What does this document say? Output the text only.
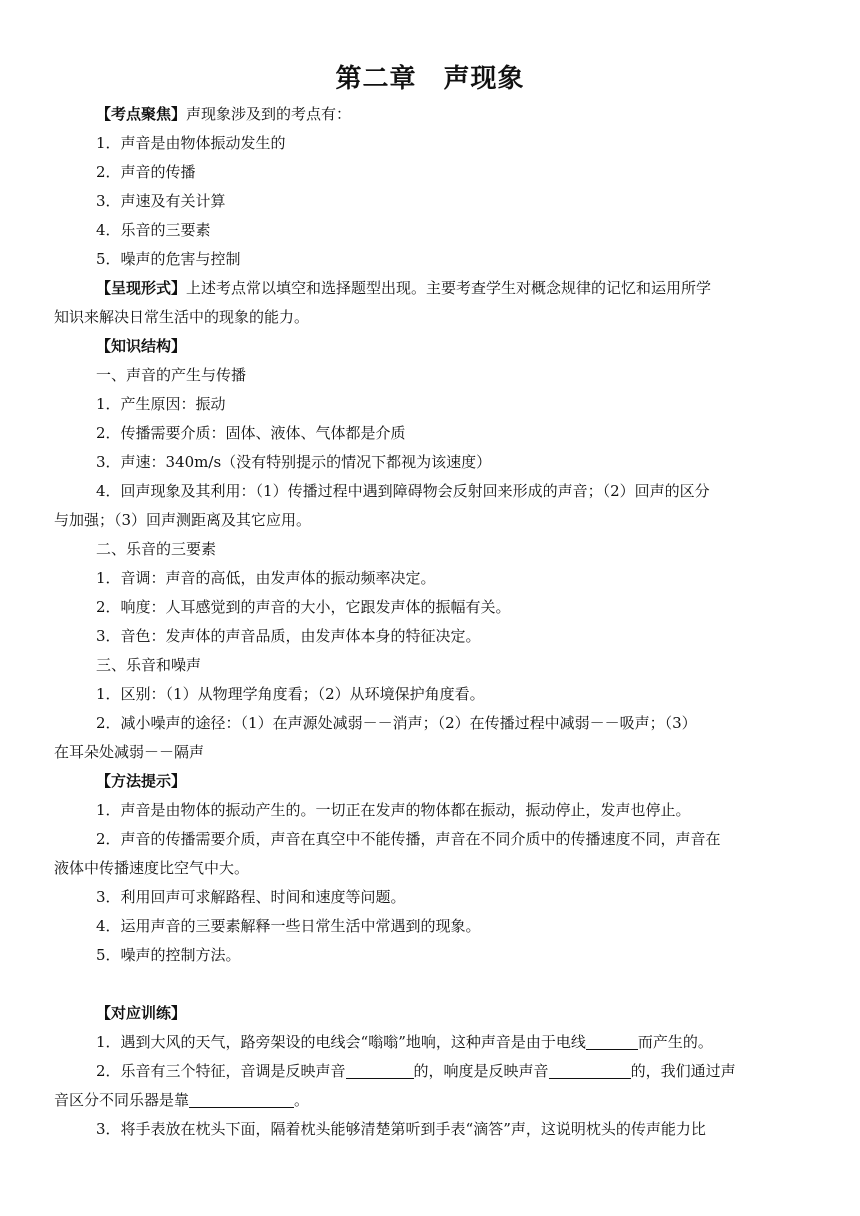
第二章　声现象
【考点聚焦】声现象涉及到的考点有：
1．声音是由物体振动发生的
2．声音的传播
3．声速及有关计算
4．乐音的三要素
5．噪声的危害与控制
【呈现形式】上述考点常以填空和选择题型出现。主要考查学生对概念规律的记忆和运用所学
知识来解决日常生活中的现象的能力。
【知识结构】
一、声音的产生与传播
1．产生原因：振动
2．传播需要介质：固体、液体、气体都是介质
3．声速：340m/s（没有特别提示的情况下都视为该速度）
4．回声现象及其利用：（1）传播过程中遇到障碍物会反射回来形成的声音；（2）回声的区分
与加强；（3）回声测距离及其它应用。
二、乐音的三要素
1．音调：声音的高低，由发声体的振动频率决定。
2．响度：人耳感觉到的声音的大小，它跟发声体的振幅有关。
3．音色：发声体的声音品质，由发声体本身的特征决定。
三、乐音和噪声
1．区别：（1）从物理学角度看；（2）从环境保护角度看。
2．减小噪声的途径：（1）在声源处减弱－－消声；（2）在传播过程中减弱－－吸声；（3）
在耳朵处减弱－－隔声
【方法提示】
1．声音是由物体的振动产生的。一切正在发声的物体都在振动，振动停止，发声也停止。
2．声音的传播需要介质，声音在真空中不能传播，声音在不同介质中的传播速度不同，声音在
液体中传播速度比空气中大。
3．利用回声可求解路程、时间和速度等问题。
4．运用声音的三要素解释一些日常生活中常遇到的现象。
5．噪声的控制方法。
【对应训练】
1．遇到大风的天气，路旁架设的电线会“嗡嗡”地响，这种声音是由于电线	而产生的。
2．乐音有三个特征，音调是反映声音	的，响度是反映声音	的，我们通过声
音区分不同乐器是靠	。
3．将手表放在枕头下面，隔着枕头能够清楚第听到手表“滴答”声，这说明枕头的传声能力比
